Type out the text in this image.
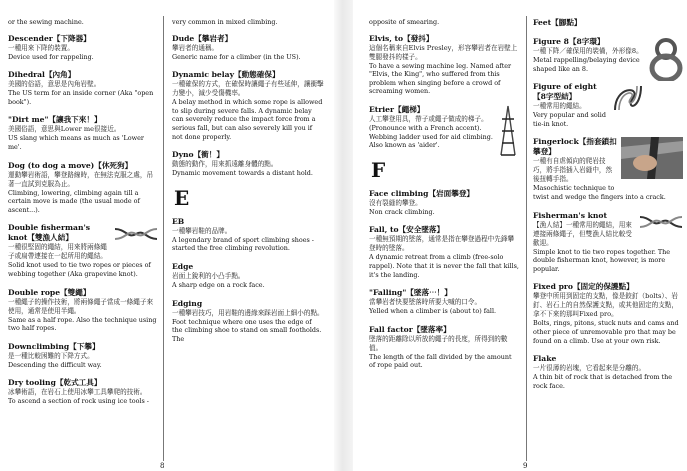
or the sewing machine.
Descender【下降器】
一種用來下降的裝置。
Device used for rappeling.
Dihedral【內角】
美國的俗語，意思是內角岩壁。
The US term for an inside corner (Aka "open book").
"Dirt me"【讓我下來！】
美國俗語，意思與Lower me很接近。
US slang which means as much as 'Lower me'.
Dog (to dog a move)【休死狗】
運動攀岩術語，攀登路線時，在無法克服之處，吊著一直試到克服為止。
Climbing, lowering, climbing again till a certain move is made (the usual mode of ascent...).
Double fisherman's knot【雙漁人結】
一種很堅固的繩結，用來將兩條繩子或扁帶連接在一起所用的繩結。
Solid knot used to tie two ropes or pieces of webbing together (Aka grapevine knot).
Double rope【雙繩】
一種繩子的操作技術，將兩條繩子當成一條繩子來使用，通常是使用半繩。
Same as a half rope. Also the technique using two half ropes.
Downclimbing【下攀】
是一種比較困難的下降方式。
Descending the difficult way.
Dry tooling【乾式工具】
冰攀術語，在岩石上使用冰攀工具攀爬的技術。
To ascend a section of rock using ice tools -
very common in mixed climbing.
Dude【攀岩者】
攀岩者的通稱。
Generic name for a climber (in the US).
Dynamic belay【動態確保】
一種確保的方式，在確保時讓繩子有些延伸，讓衝擊力變小，減少受傷機率。
A belay method in which some rope is allowed to slip during severe falls. A dynamic belay can severely reduce the impact force from a serious fall, but can also severely kill you if not done properly.
Dyno【衝！】
動態的動作，用來抓遠離身體的點。
Dynamic movement towards a distant hold.
E
EB
一種攀岩鞋的品牌。
A legendary brand of sport climbing shoes - started the free climbing revolution.
Edge
岩面上銳利的小凸手點。
A sharp edge on a rock face.
Edging
一種攀岩技巧，用岩鞋的邊緣來踩岩面上細小的點。
Foot technique where one uses the edge of the climbing shoe to stand on small footholds. The
8
opposite of smearing.
Elvis, to【發抖】
這個名稱來自Elvis Presley，形容攀岩者在岩壁上雙腿發抖的樣子。
To have a sewing machine leg. Named after "Elvis, the King", who suffered from this problem when singing before a crowd of screaming women.
Etrier【繩梯】
人工攀登用具，帶子或繩子做成的梯子。
(Pronounce with a French accent). Webbing ladder used for aid climbing. Also known as 'aider'.
F
Face climbing【岩面攀登】
沒有裂縫的攀登。
Non crack climbing.
Fall, to【安全墜落】
一種無預期的墜落，通常是指在攀登過程中先鋒攀登時的墜落。
A dynamic retreat from a climb (free-solo rappel). Note that it is never the fall that kills, it's the landing.
"Falling"【墜落⋯！】
當攀岩者快要墜落時所要大喊的口令。
Yelled when a climber is (about to) fall.
Fall factor【墜落率】
墜落的距離除以所放的繩子的長度，所得到的數值。
The length of the fall divided by the amount of rope paid out.
Feet【腳點】
Figure 8【8字環】
一種下降／確保用的裝備，外形像8。
Metal rappelling/belaying device shaped like an 8.
Figure of eight【8字型結】
一種常用的繩結。
Very popular and solid tie-in knot.
Fingerlock【指套鎖扣攀登】
一種有自虐傾向的爬岩技巧，將手指插入岩縫中，然後扭轉手指。
Masochistic technique to twist and wedge the fingers into a crack.
Fisherman's knot
【漁人結】一種常用的繩結，用來連接兩條繩子，但雙漁人結比較受歡迎。
Simple knot to tie two ropes together. The double fisherman knot, however, is more popular.
Fixed pro【固定的保護點】
攀登中所用到固定的支點，像是鉸釘（bolts）、岩釘、岩石上的自然保護支點，或其他固定的支點，拿不下來的那叫Fixed pro。
Bolts, rings, pitons, stuck nuts and cams and other piece of unremovable pro that may be found on a climb. Use at your own risk.
Flake
一片很薄的岩塊，它看起來是分離的。
A thin bit of rock that is detached from the rock face.
9
